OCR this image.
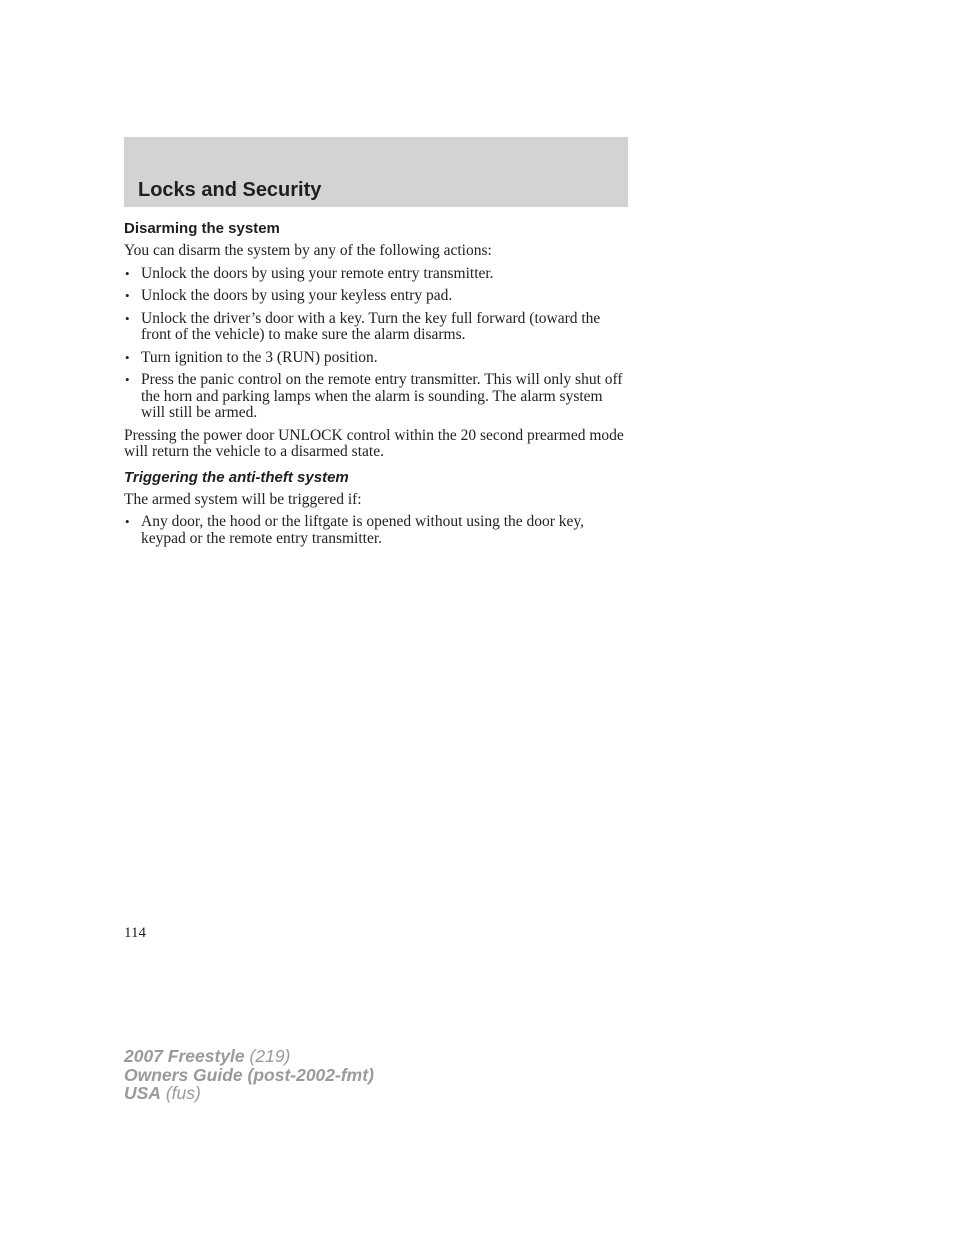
Locks and Security
Disarming the system

You can disarm the system by any of the following actions:

• Unlock the doors by using your remote entry transmitter.
• Unlock the doors by using your keyless entry pad.
• Unlock the driver’s door with a key. Turn the key full forward (toward the front of the vehicle) to make sure the alarm disarms.
• Turn ignition to the 3 (RUN) position.
• Press the panic control on the remote entry transmitter. This will only shut off the horn and parking lamps when the alarm is sounding. The alarm system will still be armed.

Pressing the power door UNLOCK control within the 20 second prearmed mode will return the vehicle to a disarmed state.

Triggering the anti-theft system

The armed system will be triggered if:

• Any door, the hood or the liftgate is opened without using the door key, keypad or the remote entry transmitter.
114
2007 Freestyle (219)
Owners Guide (post-2002-fmt)
USA (fus)
